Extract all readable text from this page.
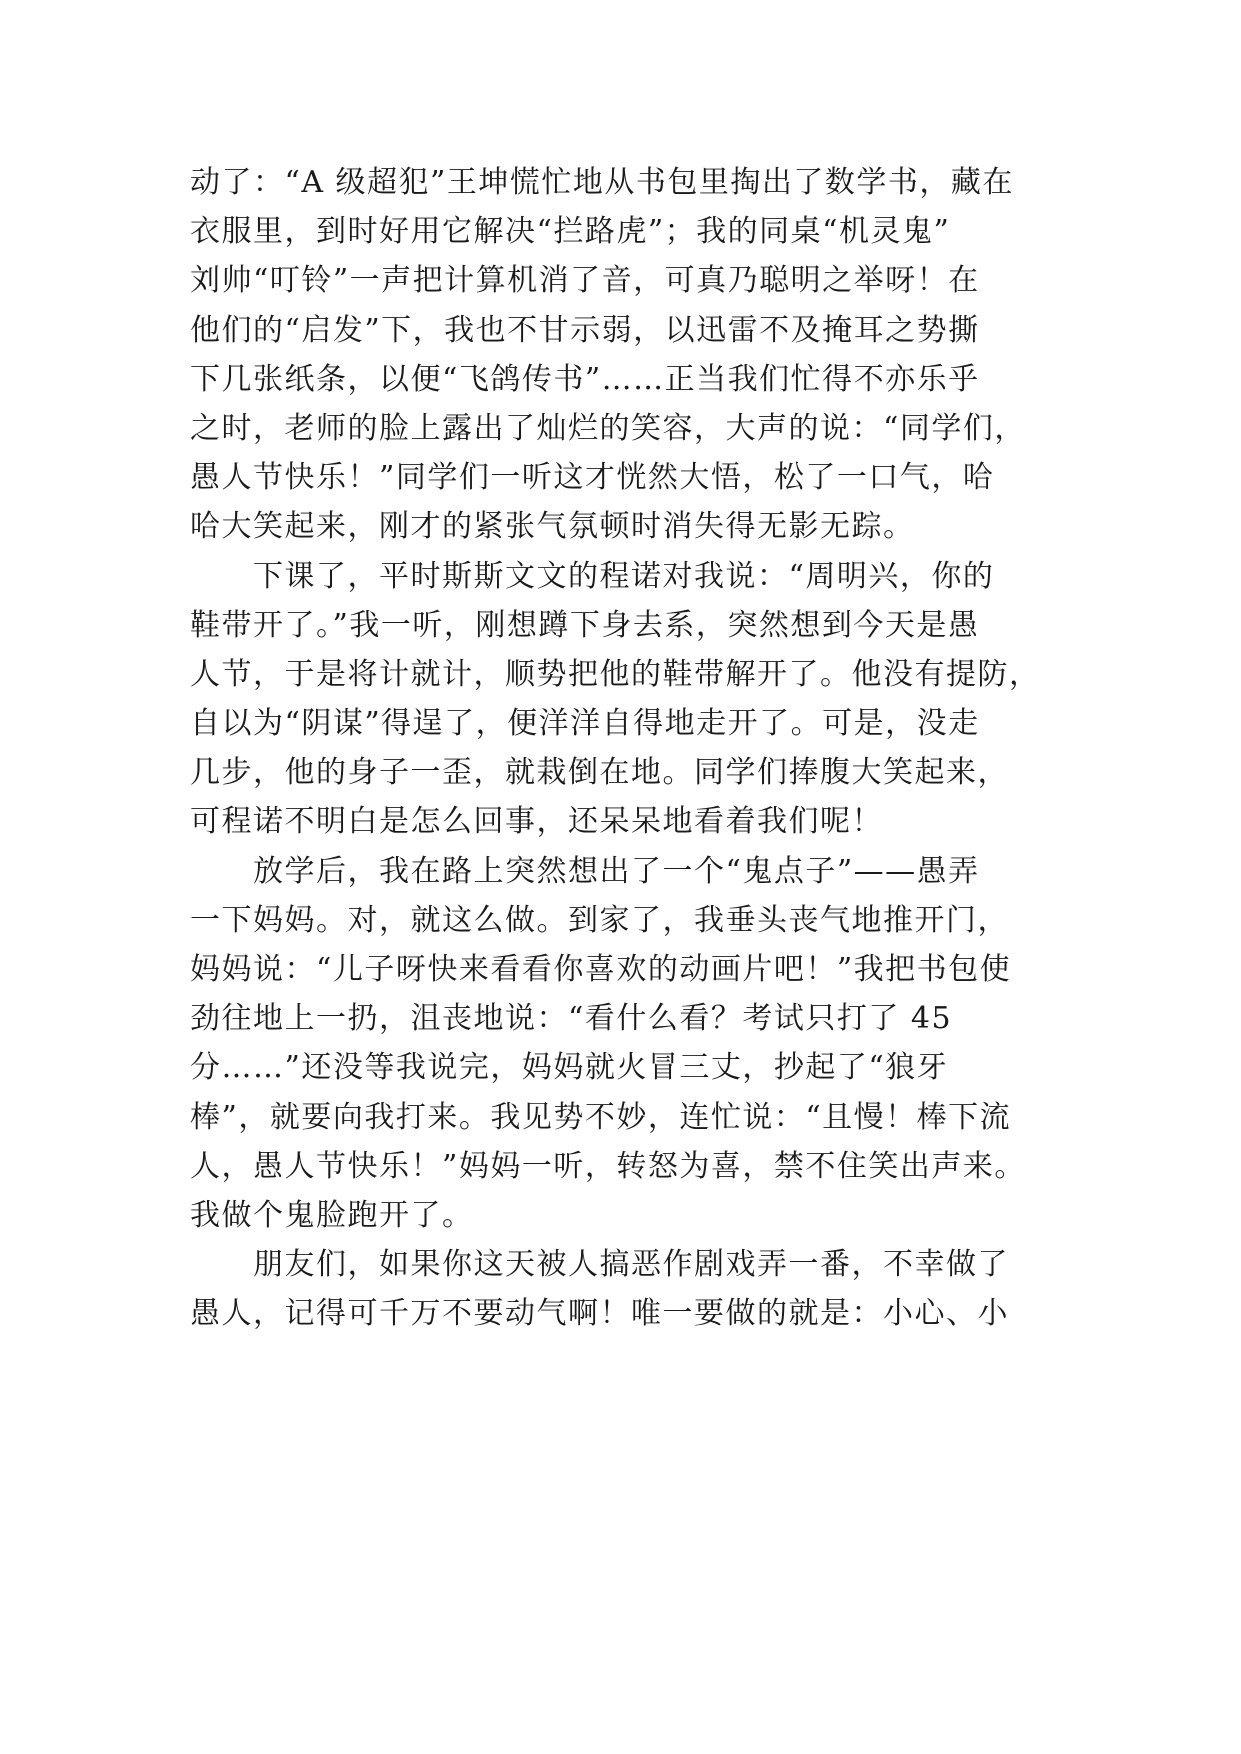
动了：“A 级超犯”王坤慌忙地从书包里掏出了数学书，藏在
衣服里，到时好用它解决“拦路虎”；我的同桌“机灵鬼”
刘帅“叮铃”一声把计算机消了音，可真乃聪明之举呀！在
他们的“启发”下，我也不甘示弱，以迅雷不及掩耳之势撕
下几张纸条，以便“飞鸽传书”……正当我们忙得不亦乐乎
之时，老师的脸上露出了灿烂的笑容，大声的说：“同学们，
愚人节快乐！”同学们一听这才恍然大悟，松了一口气，哈
哈大笑起来，刚才的紧张气氛顿时消失得无影无踪。
　　下课了，平时斯斯文文的程诺对我说：“周明兴，你的
鞋带开了。”我一听，刚想蹲下身去系，突然想到今天是愚
人节，于是将计就计，顺势把他的鞋带解开了。他没有提防，
自以为“阴谋”得逞了，便洋洋自得地走开了。可是，没走
几步，他的身子一歪，就栽倒在地。同学们捧腹大笑起来，
可程诺不明白是怎么回事，还呆呆地看着我们呢！
　　放学后，我在路上突然想出了一个“鬼点子”——愚弄
一下妈妈。对，就这么做。到家了，我垂头丧气地推开门，
妈妈说：“儿子呀快来看看你喜欢的动画片吧！”我把书包使
劲往地上一扔，沮丧地说：“看什么看？考试只打了 45
分……”还没等我说完，妈妈就火冒三丈，抄起了“狼牙
棒”，就要向我打来。我见势不妙，连忙说：“且慢！棒下流
人，愚人节快乐！”妈妈一听，转怒为喜，禁不住笑出声来。
我做个鬼脸跑开了。
　　朋友们，如果你这天被人搞恶作剧戏弄一番，不幸做了
愚人，记得可千万不要动气啊！唯一要做的就是：小心、小
